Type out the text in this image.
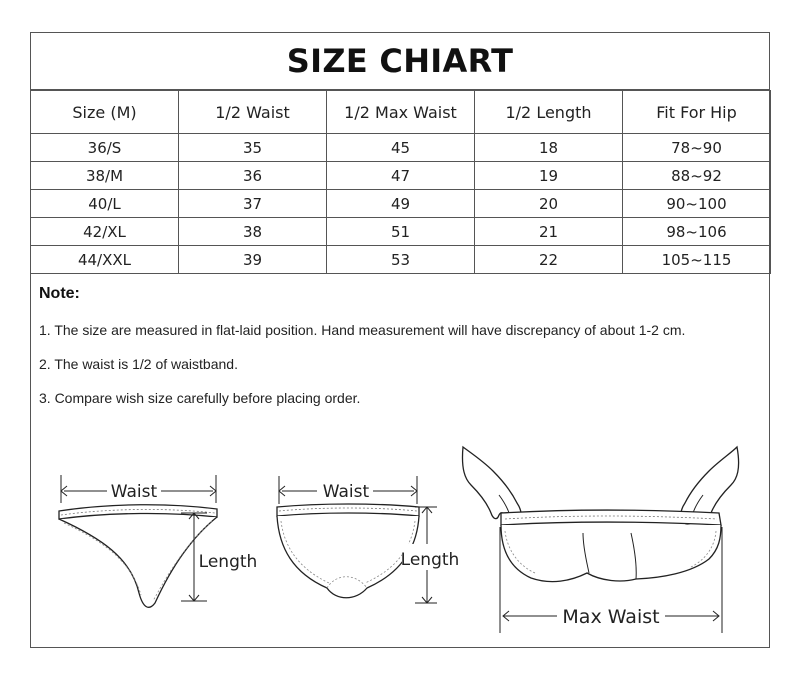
SIZE CHIART
Size (M)	1/2 Waist	1/2 Max Waist	1/2 Length	Fit For Hip
36/S	35	45	18	78~90
38/M	36	47	19	88~92
40/L	37	49	20	90~100
42/XL	38	51	21	98~106
44/XXL	39	53	22	105~115
Note:
1. The size are measured in flat-laid position. Hand measurement will have discrepancy of about 1-2 cm.
2. The waist is 1/2 of waistband.
3. Compare wish size carefully before placing order.
Waist
Length
Waist
Length
Max Waist
